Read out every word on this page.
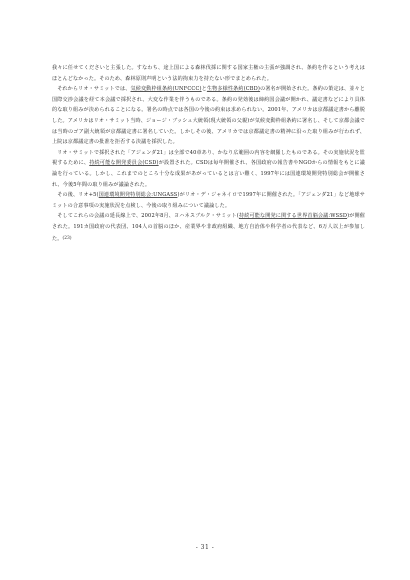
我々に任せてくださいと主張した。すなわち、途上国による森林伐採に関する国家主権の主張が強調され、条約を作るという考えはほとんどなかった。そのため、森林原則声明という法的拘束力を持たない形でまとめられた。

それからリオ・サミットでは、気候変動枠組条約(UNFCCC)と生物多様性条約(CBD)の署名が開始された。条約の策定は、並々と国際交渉会議を経て本会議で採択され、大変な作業を伴うものである。条約の発効後は締約国会議が開かれ、議定書などにより具体的な取り組みが決められることになる。署名の時点では各国の今後の約束は求められない。2001年、アメリカは京都議定書から離脱した。アメリカはリオ・サミット当時、ジョージ・ブッシュ大統領(現大統領の父親)が気候変動枠組条約に署名し、そして京都会議では当時のゴア副大統領が京都議定書に署名していた。しかしその後、アメリカでは京都議定書の精神に沿った取り組みが行われず、上院は京都議定書の批准を拒否する決議を採択した。

リオ・サミットで採択された「アジェンダ21」は全部で40章あり、かなり広範囲の内容を網羅したものである。その実施状況を監視するために、持続可能な開発委員会(CSD)が設置された。CSDは毎年開催され、各国政府の報告書やNGOからの情報をもとに議論を行っている。しかし、これまでのところ十分な成果があがっているとは言い難く、1997年には国連環境開発特別総会が開催され、今後5年間の取り組みが議論された。

その後、リオ+5(国連環境開発特別総会:UNGASS)がリオ・デ・ジャネイロで1997年に開催された。「アジェンダ21」など地球サミットの合意事項の実施状況を点検し、今後の取り組みについて議論した。

そしてこれらの会議の延長線上で、2002年8月、ヨハネスブルク・サミット(持続可能な開発に関する世界首脳会議:WSSD)が開催された。191カ国政府の代表団、104人の首脳のほか、産業界や非政府組織、地方自治体や科学者の代表など、6万人以上が参加した。(23)

- 31 -
